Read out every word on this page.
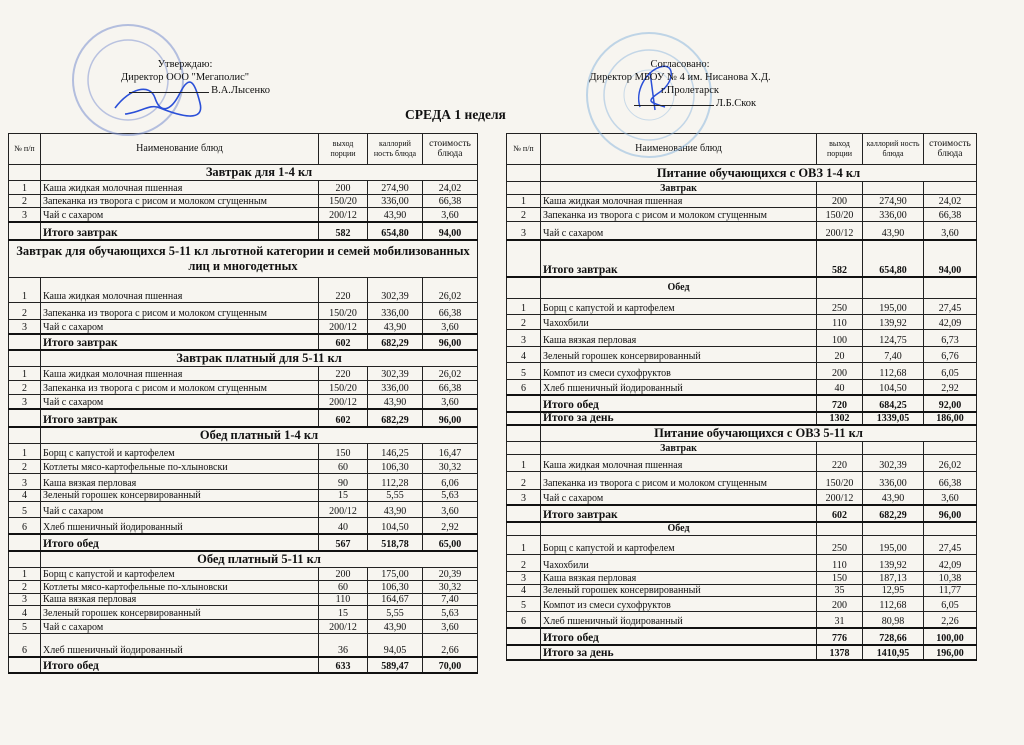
Утверждаю:
Директор ООО "Мегаполис"
В.А.Лысенко
Согласовано:
Директор МБОУ № 4 им. Нисанова Х.Д.
г.Пролетарск
Л.Б.Скок
СРЕДА 1 неделя
№ п/п	Наименование блюд	выход порции	каллорий ность блюда	стоимость блюда
	Завтрак для 1-4 кл			
1	Каша жидкая молочная пшенная	200	274,90	24,02
2	Запеканка из творога с рисом и молоком сгущенным	150/20	336,00	66,38
3	Чай с сахаром	200/12	43,90	3,60
	Итого завтрак	582	654,80	94,00
Завтрак для обучающихся 5-11 кл льготной категории и семей мобилизованных лиц и многодетных				
1	Каша жидкая молочная пшенная	220	302,39	26,02
2	Запеканка из творога с рисом и молоком сгущенным	150/20	336,00	66,38
3	Чай с сахаром	200/12	43,90	3,60
	Итого завтрак	602	682,29	96,00
	Завтрак платный для 5-11 кл			
1	Каша жидкая молочная пшенная	220	302,39	26,02
2	Запеканка из творога с рисом и молоком сгущенным	150/20	336,00	66,38
3	Чай с сахаром	200/12	43,90	3,60
	Итого завтрак	602	682,29	96,00
	Обед платный 1-4 кл			
1	Борщ с капустой и картофелем	150	146,25	16,47
2	Котлеты мясо-картофельные по-хлыновски	60	106,30	30,32
3	Каша вязкая перловая	90	112,28	6,06
4	Зеленый горошек консервированный	15	5,55	5,63
5	Чай с сахаром	200/12	43,90	3,60
6	Хлеб пшеничный йодированный	40	104,50	2,92
	Итого обед	567	518,78	65,00
	Обед платный 5-11 кл			
1	Борщ с капустой и картофелем	200	175,00	20,39
2	Котлеты мясо-картофельные по-хлыновски	60	106,30	30,32
3	Каша вязкая перловая	110	164,67	7,40
4	Зеленый горошек консервированный	15	5,55	5,63
5	Чай с сахаром	200/12	43,90	3,60
6	Хлеб пшеничный йодированный	36	94,05	2,66
	Итого обед	633	589,47	70,00
№ п/п	Наименование блюд	выход порции	каллорий ность блюда	стоимость блюда
	Питание обучающихся с ОВЗ 1-4 кл			
	Завтрак			
1	Каша жидкая молочная пшенная	200	274,90	24,02
2	Запеканка из творога с рисом и молоком сгущенным	150/20	336,00	66,38
3	Чай с сахаром	200/12	43,90	3,60
	Итого завтрак	582	654,80	94,00
	Обед			
1	Борщ с капустой и картофелем	250	195,00	27,45
2	Чахохбили	110	139,92	42,09
3	Каша вязкая перловая	100	124,75	6,73
4	Зеленый горошек консервированный	20	7,40	6,76
5	Компот из смеси сухофруктов	200	112,68	6,05
6	Хлеб пшеничный йодированный	40	104,50	2,92
	Итого обед	720	684,25	92,00
	Итого за день	1302	1339,05	186,00
	Питание обучающихся с ОВЗ 5-11 кл			
	Завтрак			
1	Каша жидкая молочная пшенная	220	302,39	26,02
2	Запеканка из творога с рисом и молоком сгущенным	150/20	336,00	66,38
3	Чай с сахаром	200/12	43,90	3,60
	Итого завтрак	602	682,29	96,00
	Обед			
1	Борщ с капустой и картофелем	250	195,00	27,45
2	Чахохбили	110	139,92	42,09
3	Каша вязкая перловая	150	187,13	10,38
4	Зеленый горошек консервированный	35	12,95	11,77
5	Компот из смеси сухофруктов	200	112,68	6,05
6	Хлеб пшеничный йодированный	31	80,98	2,26
	Итого обед	776	728,66	100,00
	Итого за день	1378	1410,95	196,00
